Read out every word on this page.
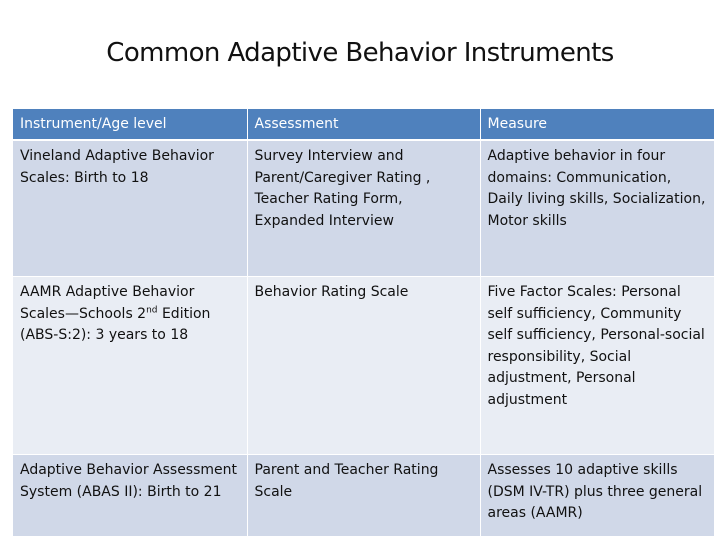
Common Adaptive Behavior Instruments
Instrument/Age level	Assessment	Measure
Vineland Adaptive Behavior Scales: Birth to 18	Survey Interview and Parent/Caregiver Rating , Teacher Rating Form, Expanded Interview	Adaptive behavior in four domains: Communication, Daily living skills, Socialization, Motor skills
AAMR Adaptive Behavior Scales—Schools 2nd Edition (ABS-S:2): 3 years to 18	Behavior Rating Scale	Five Factor Scales: Personal self sufficiency, Community self sufficiency, Personal-social responsibility, Social adjustment, Personal adjustment
Adaptive Behavior Assessment System (ABAS II): Birth to 21	Parent and Teacher Rating Scale	Assesses 10 adaptive skills (DSM IV-TR) plus three general areas (AAMR)
